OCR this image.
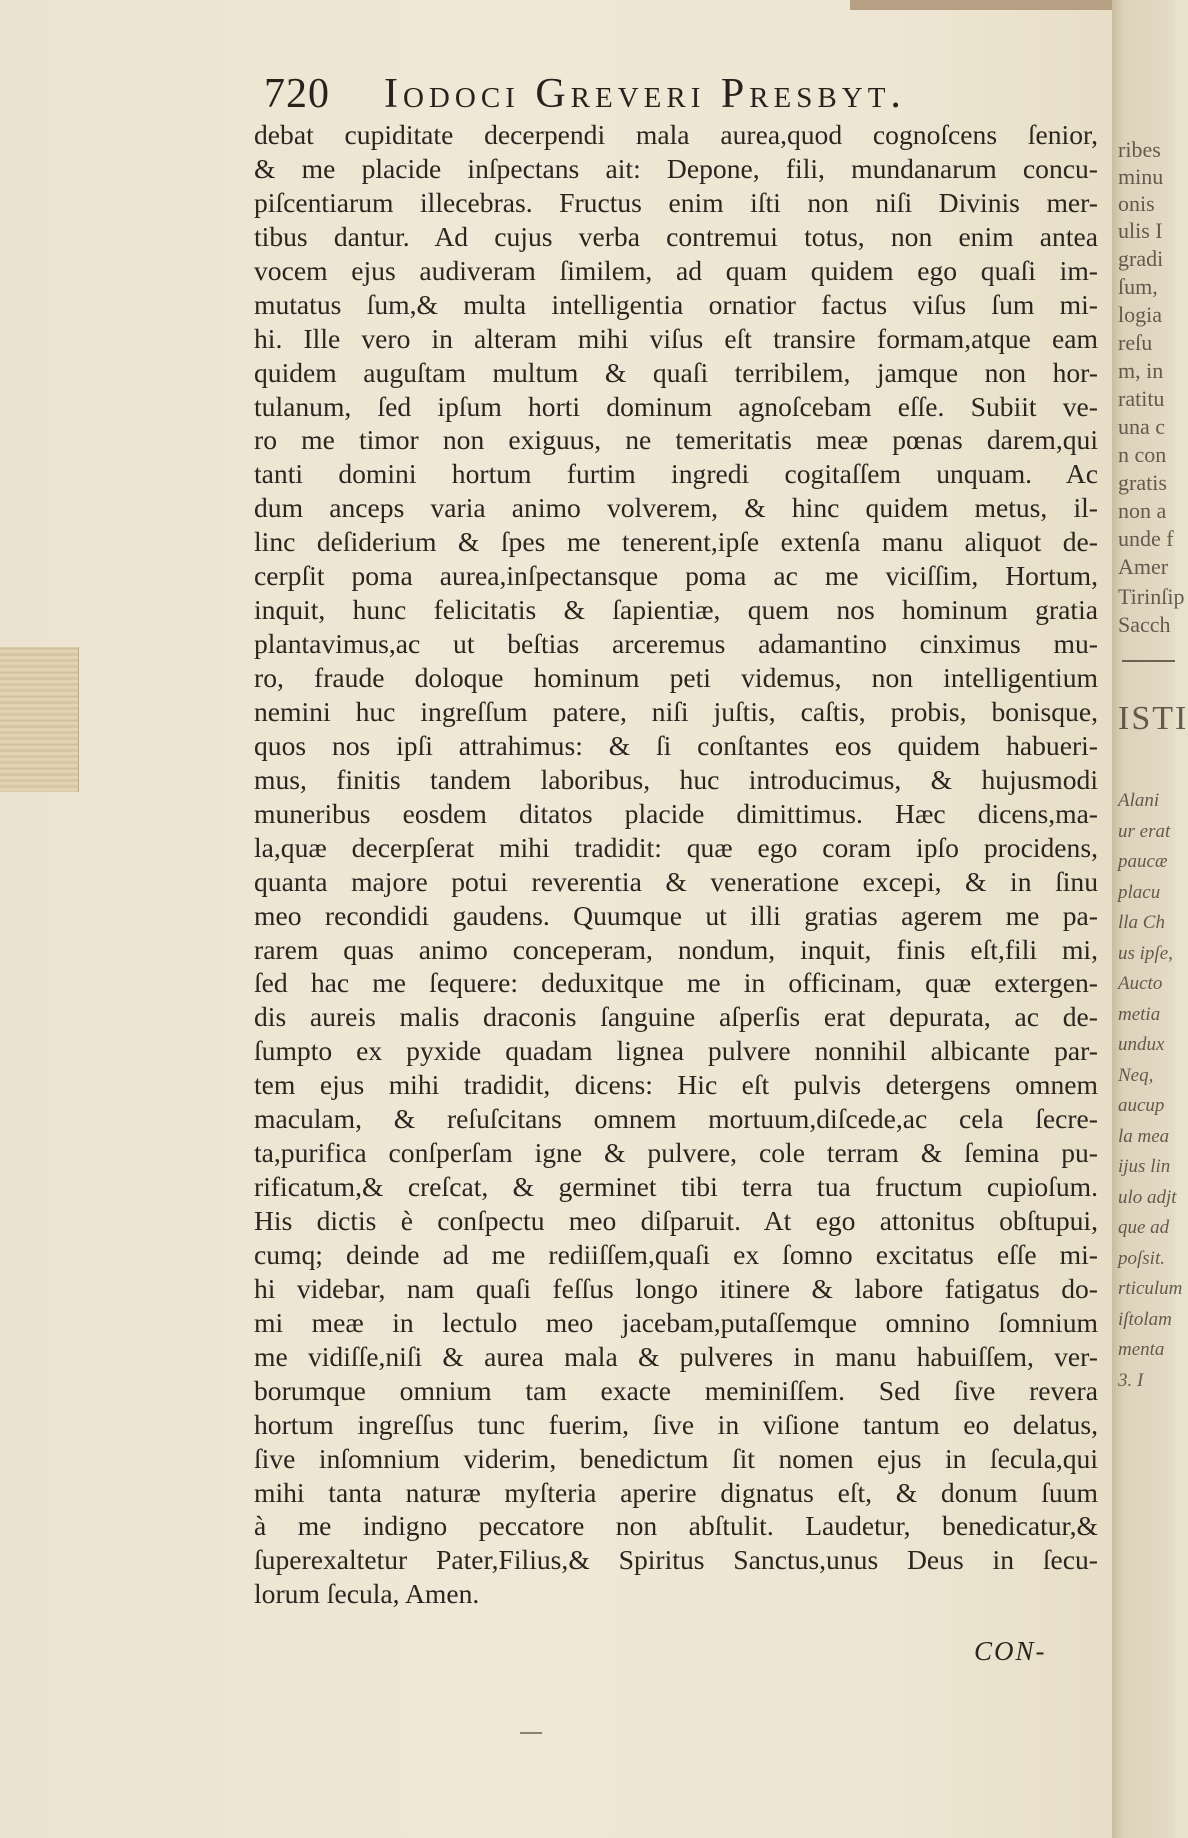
720 Iodoci Greveri Presbyt.
debat cupiditate decerpendi mala aurea,quod cognoſcens ſenior,
& me placide inſpectans ait: Depone, fili, mundanarum concu-
piſcentiarum illecebras. Fructus enim iſti non niſi Divinis mer-
tibus dantur. Ad cujus verba contremui totus, non enim antea
vocem ejus audiveram ſimilem, ad quam quidem ego quaſi im-
mutatus ſum,& multa intelligentia ornatior factus viſus ſum mi-
hi. Ille vero in alteram mihi viſus eſt transire formam,atque eam
quidem auguſtam multum & quaſi terribilem, jamque non hor-
tulanum, ſed ipſum horti dominum agnoſcebam eſſe. Subiit ve-
ro me timor non exiguus, ne temeritatis meæ pœnas darem,qui
tanti domini hortum furtim ingredi cogitaſſem unquam. Ac
dum anceps varia animo volverem, & hinc quidem metus, il-
linc deſiderium & ſpes me tenerent,ipſe extenſa manu aliquot de-
cerpſit poma aurea,inſpectansque poma ac me viciſſim, Hortum,
inquit, hunc felicitatis & ſapientiæ, quem nos hominum gratia
plantavimus,ac ut beſtias arceremus adamantino cinximus mu-
ro, fraude doloque hominum peti videmus, non intelligentium
nemini huc ingreſſum patere, niſi juſtis, caſtis, probis, bonisque,
quos nos ipſi attrahimus: & ſi conſtantes eos quidem habueri-
mus, finitis tandem laboribus, huc introducimus, & hujusmodi
muneribus eosdem ditatos placide dimittimus. Hæc dicens,ma-
la,quæ decerpſerat mihi tradidit: quæ ego coram ipſo procidens,
quanta majore potui reverentia & veneratione excepi, & in ſinu
meo recondidi gaudens. Quumque ut illi gratias agerem me pa-
rarem quas animo conceperam, nondum, inquit, finis eſt,fili mi,
ſed hac me ſequere: deduxitque me in officinam, quæ extergen-
dis aureis malis draconis ſanguine aſperſis erat depurata, ac de-
ſumpto ex pyxide quadam lignea pulvere nonnihil albicante par-
tem ejus mihi tradidit, dicens: Hic eſt pulvis detergens omnem
maculam, & reſuſcitans omnem mortuum,diſcede,ac cela ſecre-
ta,purifica conſperſam igne & pulvere, cole terram & ſemina pu-
rificatum,& creſcat, & germinet tibi terra tua fructum cupioſum.
His dictis è conſpectu meo diſparuit. At ego attonitus obſtupui,
cumq; deinde ad me rediiſſem,quaſi ex ſomno excitatus eſſe mi-
hi videbar, nam quaſi feſſus longo itinere & labore fatigatus do-
mi meæ in lectulo meo jacebam,putaſſemque omnino ſomnium
me vidiſſe,niſi & aurea mala & pulveres in manu habuiſſem, ver-
borumque omnium tam exacte meminiſſem. Sed ſive revera
hortum ingreſſus tunc fuerim, ſive in viſione tantum eo delatus,
ſive inſomnium viderim, benedictum ſit nomen ejus in ſecula,qui
mihi tanta naturæ myſteria aperire dignatus eſt, & donum ſuum
à me indigno peccatore non abſtulit. Laudetur, benedicatur,&
ſuperexaltetur Pater,Filius,& Spiritus Sanctus,unus Deus in ſecu-
lorum ſecula, Amen.
CON-
ribes
minu
onis
ulis I
gradi
ſum,
logia
reſu
m, in
ratitu
una c
n con
gratis
non a
unde f
Amer
Tirinſip
Sacch
ISTI
Alani
ur erat
paucæ
placu
lla Ch
us ipſe,
Aucto
metia
undux
Neq,
aucup
la mea
ijus lin
ulo adjt
que ad
poſsit.
rticulum
iſtolam
menta
3. I
